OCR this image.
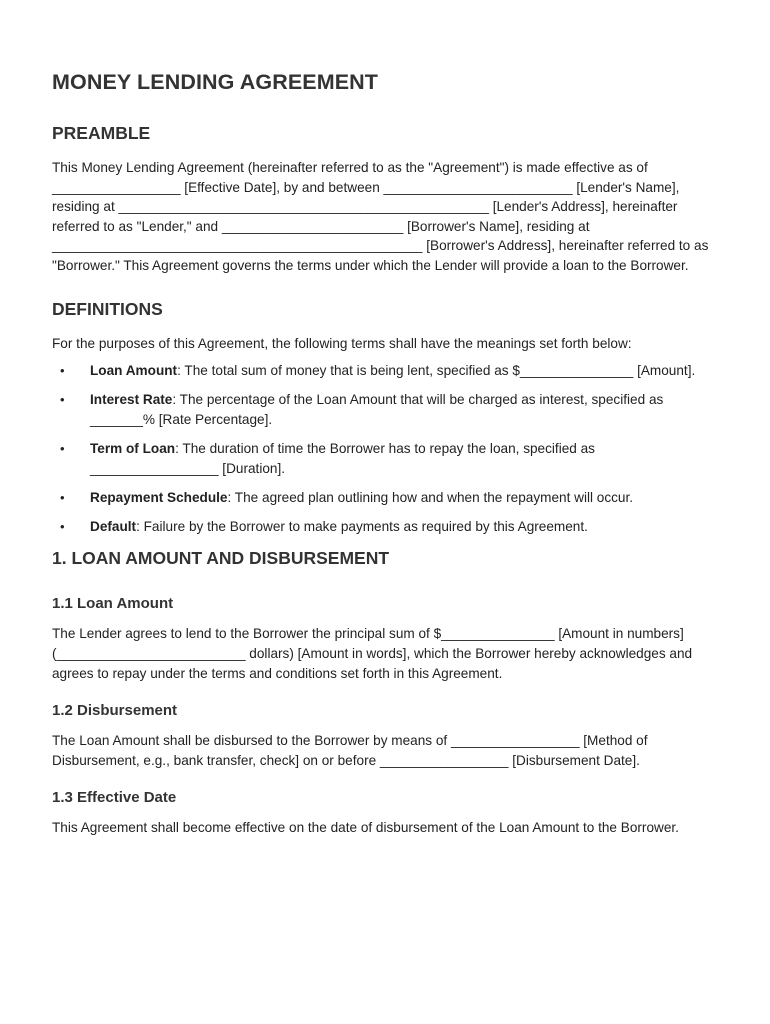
MONEY LENDING AGREEMENT
PREAMBLE

This Money Lending Agreement (hereinafter referred to as the "Agreement") is made effective as of _________________ [Effective Date], by and between _________________________ [Lender's Name], residing at _________________________________________________ [Lender's Address], hereinafter referred to as "Lender," and ________________________ [Borrower's Name], residing at _________________________________________________ [Borrower's Address], hereinafter referred to as "Borrower." This Agreement governs the terms under which the Lender will provide a loan to the Borrower.

DEFINITIONS

For the purposes of this Agreement, the following terms shall have the meanings set forth below:

• Loan Amount: The total sum of money that is being lent, specified as $_______________ [Amount].
• Interest Rate: The percentage of the Loan Amount that will be charged as interest, specified as _______% [Rate Percentage].
• Term of Loan: The duration of time the Borrower has to repay the loan, specified as _________________ [Duration].
• Repayment Schedule: The agreed plan outlining how and when the repayment will occur.
• Default: Failure by the Borrower to make payments as required by this Agreement.
1. LOAN AMOUNT AND DISBURSEMENT
1.1 Loan Amount

The Lender agrees to lend to the Borrower the principal sum of $_______________ [Amount in numbers] (_________________________ dollars) [Amount in words], which the Borrower hereby acknowledges and agrees to repay under the terms and conditions set forth in this Agreement.

1.2 Disbursement

The Loan Amount shall be disbursed to the Borrower by means of _________________ [Method of Disbursement, e.g., bank transfer, check] on or before _________________ [Disbursement Date].

1.3 Effective Date

This Agreement shall become effective on the date of disbursement of the Loan Amount to the Borrower.
